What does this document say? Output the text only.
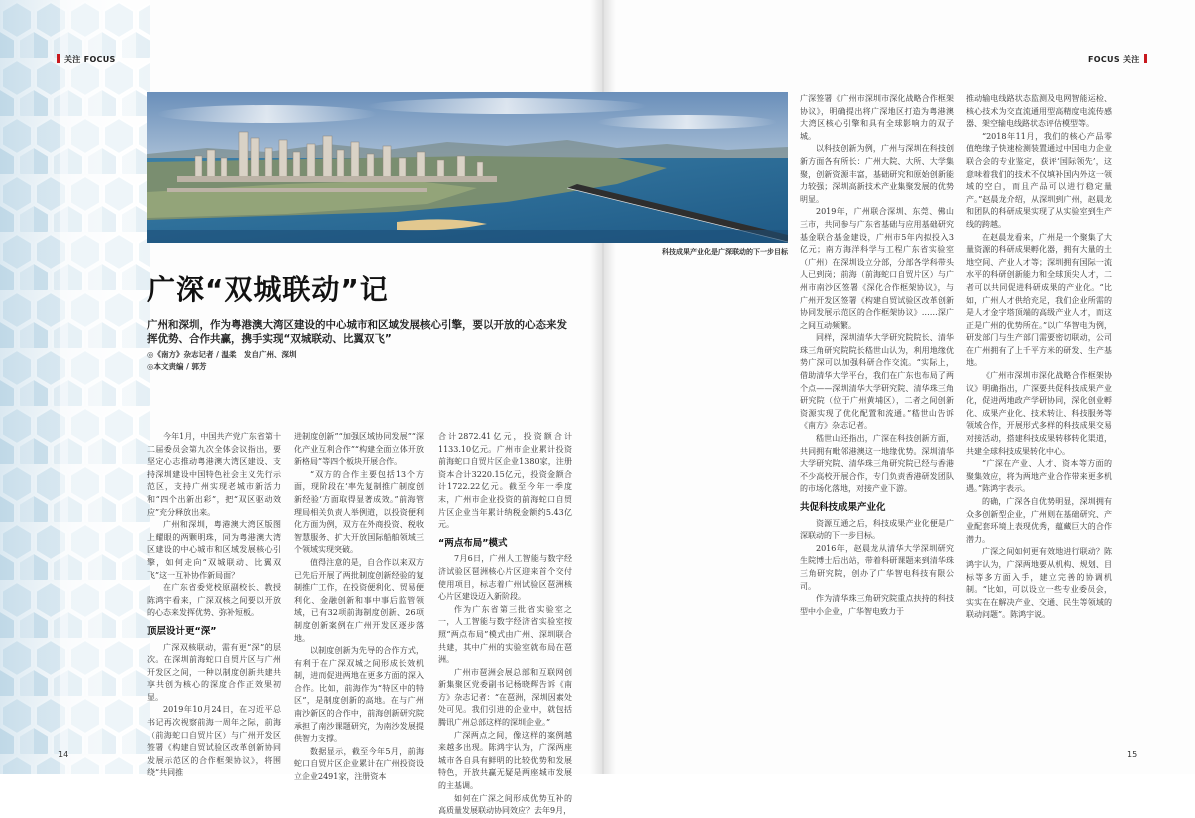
关注 FOCUS	FOCUS 关注
科技成果产业化是广深联动的下一步目标
广深“双城联动”记
广州和深圳，作为粤港澳大湾区建设的中心城市和区域发展核心引擎，要以开放的心态来发挥优势、合作共赢，携手实现“双城联动、比翼双飞”
◎《南方》杂志记者 / 温柔　发自广州、深圳
◎本文责编 / 郭芳

今年1月，中国共产党广东省第十二届委员会第九次全体会议指出，要坚定心志推动粤港澳大湾区建设、支持深圳建设中国特色社会主义先行示范区，支持广州实现老城市新活力和“四个出新出彩”，把“双区驱动效应”充分释放出来。

广州和深圳，粤港澳大湾区版图上耀眼的两颗明珠，同为粤港澳大湾区建设的中心城市和区域发展核心引擎，如何走向“双城联动、比翼双飞”这一互补协作新局面？

在广东省委党校原副校长、教授陈鸿宇看来，广深双核之间要以开放的心态来发挥优势、弥补短板。

顶层设计更“深”

广深双核联动，需有更“深”的层次。在深圳前海蛇口自贸片区与广州开发区之间，一种以制度创新共建共享共创为核心的深度合作正效果初显。

2019年10月24日，在习近平总书记再次视察前海一周年之际，前海（前海蛇口自贸片区）与广州开发区签署《构建自贸试验区改革创新协同发展示范区的合作框架协议》，将围绕“共同推

进制度创新”“加强区域协同发展”“深化产业互利合作”“构建全面立体开放新格局”等四个板块开展合作。

“双方的合作主要包括13个方面，现阶段在‘率先复制推广制度创新经验’方面取得显著成效。”前海管理局相关负责人举例道，以投资便利化方面为例，双方在外商投资、税收智慧服务、扩大开放国际船舶领域三个领域实现突破。

值得注意的是，自合作以来双方已先后开展了两批制度创新经验的复制推广工作，在投资便利化、贸易便利化、金融创新和事中事后监管领域，已有32项前海制度创新、26项制度创新案例在广州开发区逐步落地。

以制度创新为先导的合作方式，有利于在广深双城之间形成长效机制，进而促进两地在更多方面的深入合作。比如，前海作为“特区中的特区”，是制度创新的高地。在与广州南沙新区的合作中，前海创新研究院承担了南沙课题研究，为南沙发展提供智力支撑。

数据显示，截至今年5月，前海蛇口自贸片区企业累计在广州投资设立企业2491家，注册资本

合计2872.41亿元，投资额合计1133.10亿元。广州市企业累计投资前海蛇口自贸片区企业1380家，注册资本合计3220.15亿元，投资金额合计1722.22亿元。截至今年一季度末，广州市企业投资的前海蛇口自贸片区企业当年累计纳税金额约5.43亿元。

“两点布局”模式

7月6日，广州人工智能与数字经济试验区琶洲核心片区迎来首个交付使用项目，标志着广州试验区琶洲核心片区建设迈入新阶段。

作为广东省第三批省实验室之一，人工智能与数字经济省实验室按照“两点布局”模式由广州、深圳联合共建，其中广州的实验室就布局在琶洲。

广州市琶洲会展总部和互联网创新集聚区党委副书记杨晓辉告诉《南方》杂志记者：“在琶洲，深圳因素处处可见。我们引进的企业中，就包括腾讯广州总部这样的深圳企业。”

广深两点之间，像这样的案例越来越多出现。陈鸿宇认为，广深两座城市各自具有鲜明的比较优势和发展特色，开放共赢无疑是两座城市发展的主基调。

如何在广深之间形成优势互补的高质量发展联动协同效应？去年9月，

广深签署《广州市深圳市深化战略合作框架协议》，明确提出将广深地区打造为粤港澳大湾区核心引擎和具有全球影响力的双子城。

以科技创新为例，广州与深圳在科技创新方面各有所长：广州大院、大所、大学集聚，创新资源丰富，基础研究和原始创新能力较强；深圳高新技术产业集聚发展的优势明显。

2019年，广州联合深圳、东莞、佛山三市，共同参与广东省基础与应用基础研究基金联合基金建设，广州市5年内拟投入3亿元；南方海洋科学与工程广东省实验室（广州）在深圳设立分部，分部各学科带头人已到岗；前海（前海蛇口自贸片区）与广州市南沙区签署《深化合作框架协议》，与广州开发区签署《构建自贸试验区改革创新协同发展示范区的合作框架协议》……深广之间互动频繁。

同样，深圳清华大学研究院院长、清华珠三角研究院院长嵇世山认为，利用地缘优势广深可以加强科研合作交流。“实际上，借助清华大学平台，我们在广东也布局了两个点——深圳清华大学研究院、清华珠三角研究院（位于广州黄埔区），二者之间创新资源实现了优化配置和流通。”嵇世山告诉《南方》杂志记者。

嵇世山还指出，广深在科技创新方面，共同拥有毗邻港澳这一地缘优势。深圳清华大学研究院、清华珠三角研究院已经与香港不少高校开展合作，专门负责香港研发团队的市场化落地，对接产业下游。

共促科技成果产业化

资源互通之后，科技成果产业化便是广深联动的下一步目标。

2016年，赵晨龙从清华大学深圳研究生院博士后出站，带着科研课题来到清华珠三角研究院，创办了广华智电科技有限公司。

作为清华珠三角研究院重点扶持的科技型中小企业，广华智电致力于

推动输电线路状态监测及电网智能运检、核心技术为交直流通用型高精度电流传感器、架空输电线路状态评估模型等。

“2018年11月，我们的核心产品零值绝缘子快速检测装置通过中国电力企业联合会的专业鉴定，获评‘国际领先’，这意味着我们的技术不仅填补国内外这一领域的空白，而且产品可以进行稳定量产。”赵晨龙介绍，从深圳到广州，赵晨龙和团队的科研成果实现了从实验室到生产线的跨越。

在赵晨龙看来，广州是一个聚集了大量资源的科研成果孵化器，拥有大量的土地空间、产业人才等；深圳拥有国际一流水平的科研创新能力和全球顶尖人才，二者可以共同促进科研成果的产业化。“比如，广州人才供给充足，我们企业所需的是人才金字塔顶端的高级产业人才，而这正是广州的优势所在。”以广华智电为例，研发部门与生产部门需要密切联动，公司在广州拥有了上千平方米的研发、生产基地。

《广州市深圳市深化战略合作框架协议》明确指出，广深要共促科技成果产业化，促进两地政产学研协同，深化创业孵化、成果产业化、技术转让、科技服务等领域合作，开展形式多样的科技成果交易对接活动，搭建科技成果转移转化渠道，共建全球科技成果转化中心。

“广深在产业、人才、资本等方面的聚集效应，将为两地产业合作带来更多机遇。”陈鸿宇表示。

的确，广深各自优势明显，深圳拥有众多创新型企业，广州则在基础研究、产业配套环境上表现优秀，蕴藏巨大的合作潜力。

广深之间如何更有效地进行联动？陈鸿宇认为，广深两地要从机构、规划、目标等多方面入手，建立完善的协调机制。“比如，可以设立一些专业委员会，实实在在解决产业、交通、民生等领域的联动问题”。陈鸿宇说。

14	15
